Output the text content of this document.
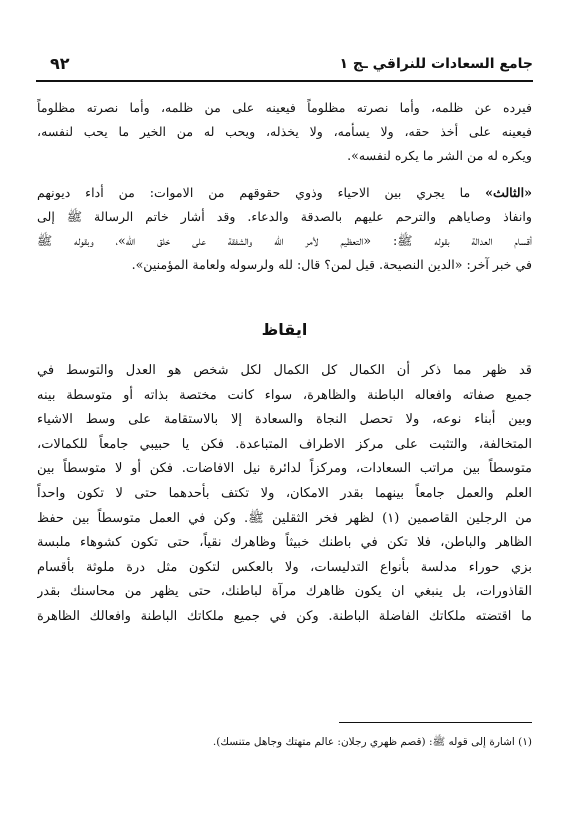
جامع السعادات للنراقي ـج ١
٩٢
فيرده عن ظلمه، وأما نصرته مظلوماً فيعينه على من ظلمه، وأما نصرته مظلوماً
فيعينه على أخذ حقه، ولا يسأمه، ولا يخذله، ويحب له من الخير ما يحب لنفسه،
ويكره له من الشر ما يكره لنفسه».
«الثالث» ما يجري بين الاحياء وذوي حقوقهم من الاموات: من أداء ديونهم
وانفاذ وصاياهم والترحم عليهم بالصدقة والدعاء. وقد أشار خاتم الرسالة ﷺ إلى
أقسام العدالة بقوله ﷺ: «التعظيم لأمر الله والشفقة على خلق الله»، وبقوله ﷺ
في خبر آخر: «الدين النصيحة. قيل لمن؟ قال: لله ولرسوله ولعامة المؤمنين».
ايقاظ
قد ظهر مما ذكر أن الكمال كل الكمال لكل شخص هو العدل والتوسط في
جميع صفاته وافعاله الباطنة والظاهرة، سواء كانت مختصة بذاته أو متوسطة بينه
وبين أبناء نوعه، ولا تحصل النجاة والسعادة إلا بالاستقامة على وسط الاشياء
المتخالفة، والتثبت على مركز الاطراف المتباعدة. فكن يا حبيبي جامعاً للكمالات،
متوسطاً بين مراتب السعادات، ومركزاً لدائرة نيل الافاضات. فكن أو لا متوسطاً بين
العلم والعمل جامعاً بينهما بقدر الامكان، ولا تكتف بأحدهما حتى لا تكون واحداً
من الرجلين القاصمين (١) لظهر فخر الثقلين ﷺ. وكن في العمل متوسطاً بين حفظ
الظاهر والباطن، فلا تكن في باطنك خبيثاً وظاهرك نقياً، حتى تكون كشوهاء ملبسة
بزي حوراء مدلسة بأنواع التدليسات، ولا بالعكس لتكون مثل درة ملوثة بأقسام
القاذورات، بل ينبغي ان يكون ظاهرك مرآة لباطنك، حتى يظهر من محاسنك بقدر
ما اقتضته ملكاتك الفاضلة الباطنة. وكن في جميع ملكاتك الباطنة وافعالك الظاهرة
(١) اشارة إلى قوله ﷺ: (قصم ظهري رجلان: عالم متهتك وجاهل متنسك).
